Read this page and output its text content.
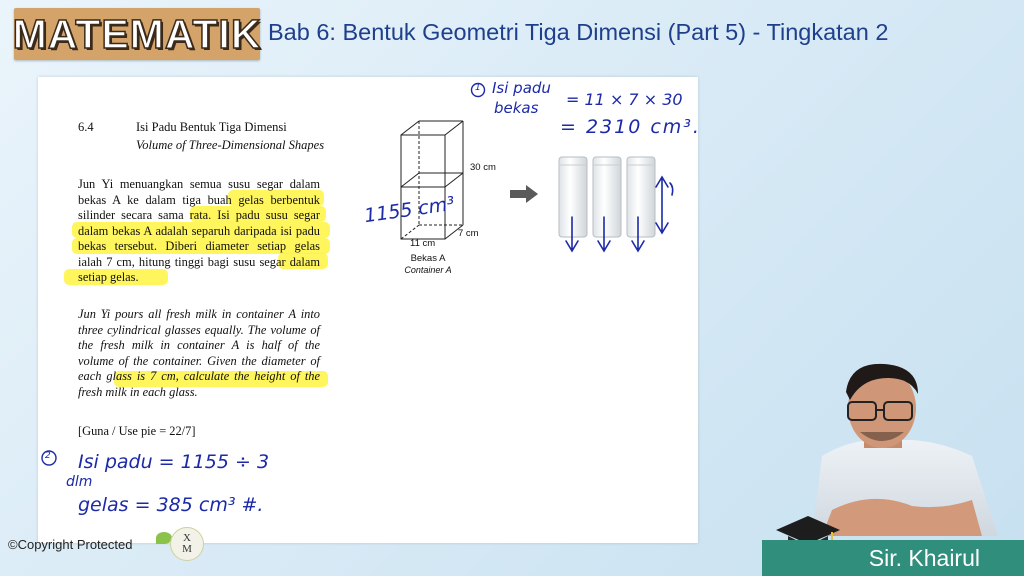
MATEMATIK Bab 6: Bentuk Geometri Tiga Dimensi (Part 5) - Tingkatan 2
6.4	Isi Padu Bentuk Tiga Dimensi
Volume of Three-Dimensional Shapes
Jun Yi menuangkan semua susu segar dalam bekas A ke dalam tiga buah gelas berbentuk silinder secara sama rata. Isi padu susu segar dalam bekas A adalah separuh daripada isi padu bekas tersebut. Diberi diameter setiap gelas ialah 7 cm, hitung tinggi bagi susu segar dalam setiap gelas.
Jun Yi pours all fresh milk in container A into three cylindrical glasses equally. The volume of the fresh milk in container A is half of the volume of the container. Given the diameter of each glass is 7 cm, calculate the height of the fresh milk in each glass.
[Guna / Use pie = 22/7]
30 cm
7 cm
11 cm
Bekas A
Container A
1 Isi padu
bekas = 11 × 7 × 30
= 2310 cm³.
1155 cm³
2 Isi padu = 1155 ÷ 3
dlm
gelas = 385 cm³ #.
©Copyright Protected	X
M	Sir. Khairul
